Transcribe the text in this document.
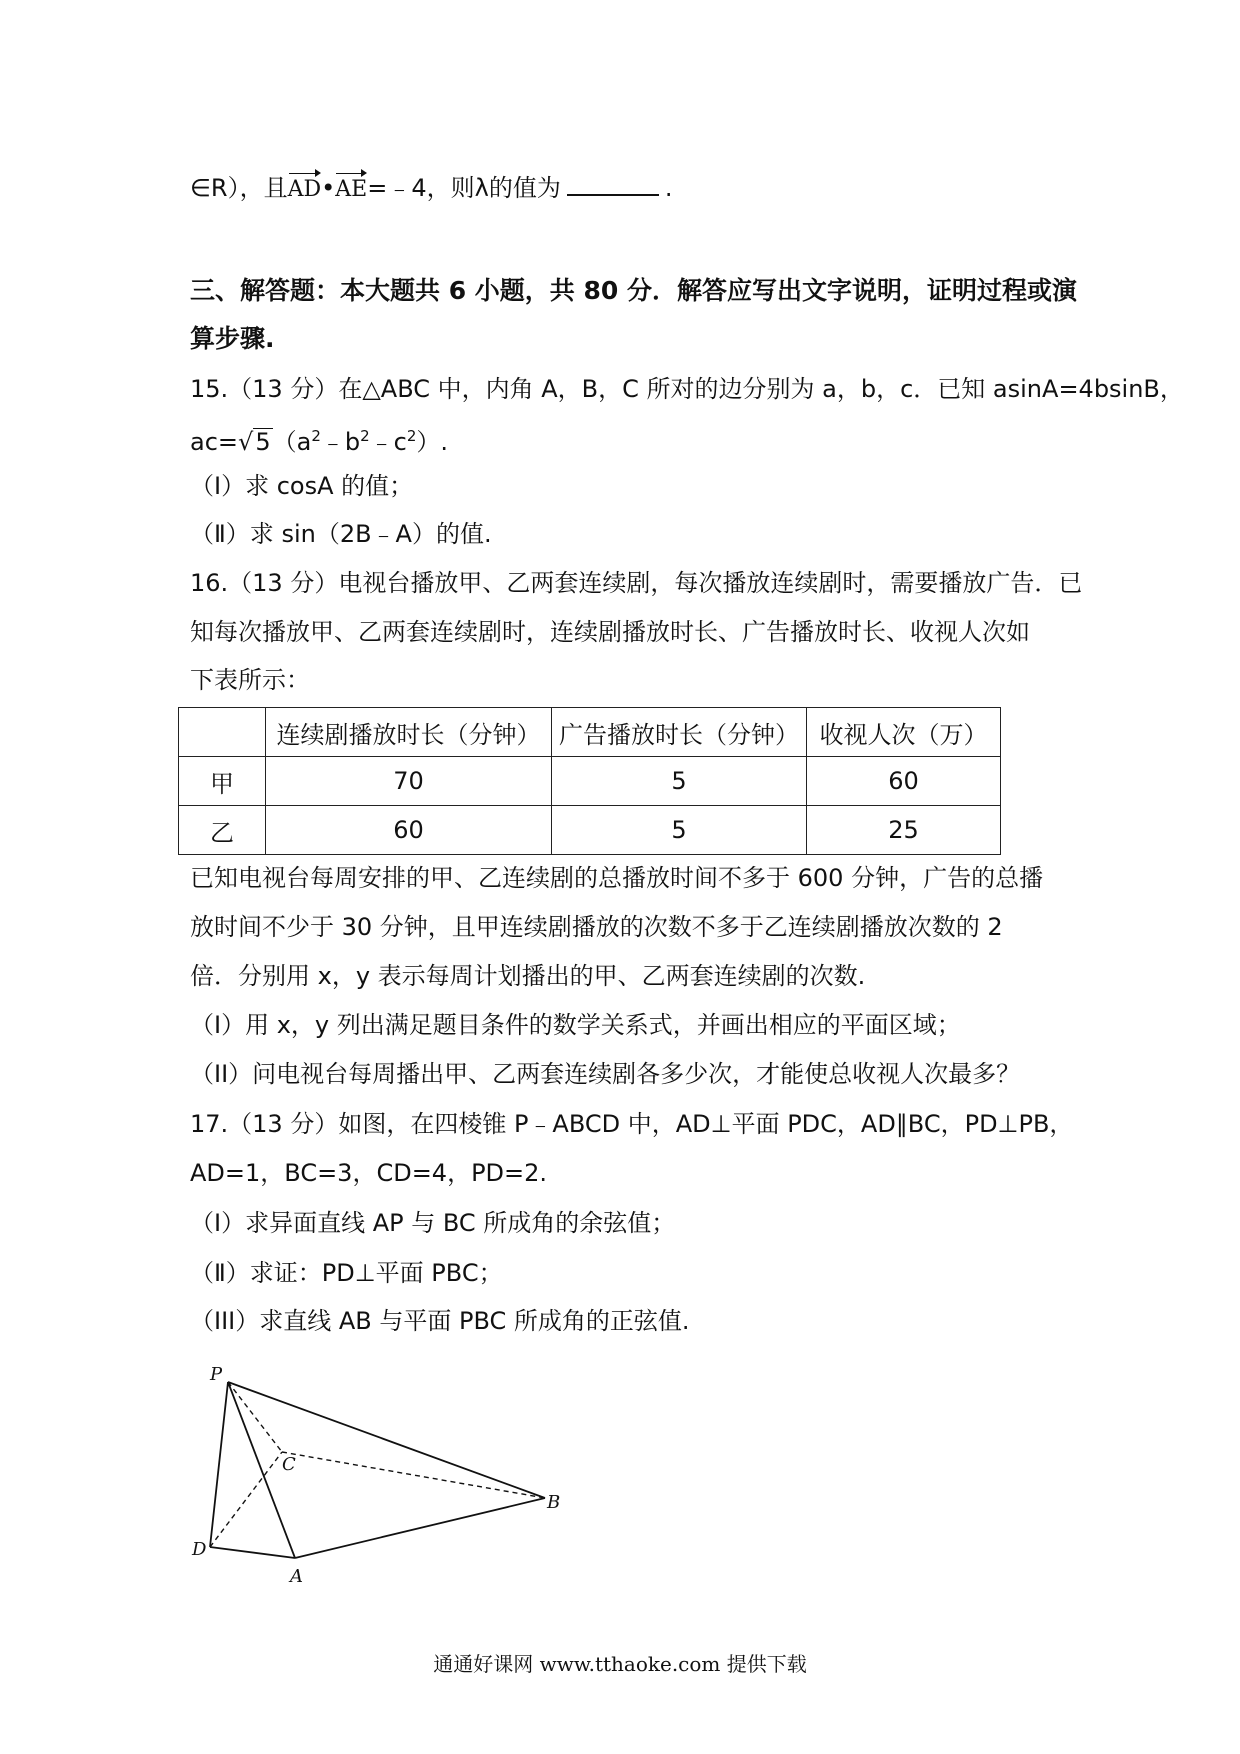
∈R），且AD•AE=﹣4，则λ的值为	.
三、解答题：本大题共 6 小题，共 80 分．解答应写出文字说明，证明过程或演
算步骤.
15.（13 分）在△ABC 中，内角 A，B，C 所对的边分别为 a，b，c．已知 asinA=4bsinB，
$ac=√5(a^2﹣b^2﹣c^2)$.
（Ⅰ）求 cosA 的值；
（Ⅱ）求 sin（2B﹣A）的值.
16.（13 分）电视台播放甲、乙两套连续剧，每次播放连续剧时，需要播放广告．已
知每次播放甲、乙两套连续剧时，连续剧播放时长、广告播放时长、收视人次如
下表所示：
	连续剧播放时长（分钟）	广告播放时长（分钟）	收视人次（万）
甲	70	5	60
乙	60	5	25
已知电视台每周安排的甲、乙连续剧的总播放时间不多于 600 分钟，广告的总播
放时间不少于 30 分钟，且甲连续剧播放的次数不多于乙连续剧播放次数的 2
倍．分别用 x，y 表示每周计划播出的甲、乙两套连续剧的次数.
（I）用 x，y 列出满足题目条件的数学关系式，并画出相应的平面区域；
（II）问电视台每周播出甲、乙两套连续剧各多少次，才能使总收视人次最多？
17.（13 分）如图，在四棱锥 P﹣ABCD 中，AD⊥平面 PDC，AD∥BC，PD⊥PB，
AD=1，BC=3，CD=4，PD=2.
（Ⅰ）求异面直线 AP 与 BC 所成角的余弦值；
（Ⅱ）求证：PD⊥平面 PBC；
（III）求直线 AB 与平面 PBC 所成角的正弦值.
P
C
B
D
A
通通好课网 www.tthaoke.com 提供下载
